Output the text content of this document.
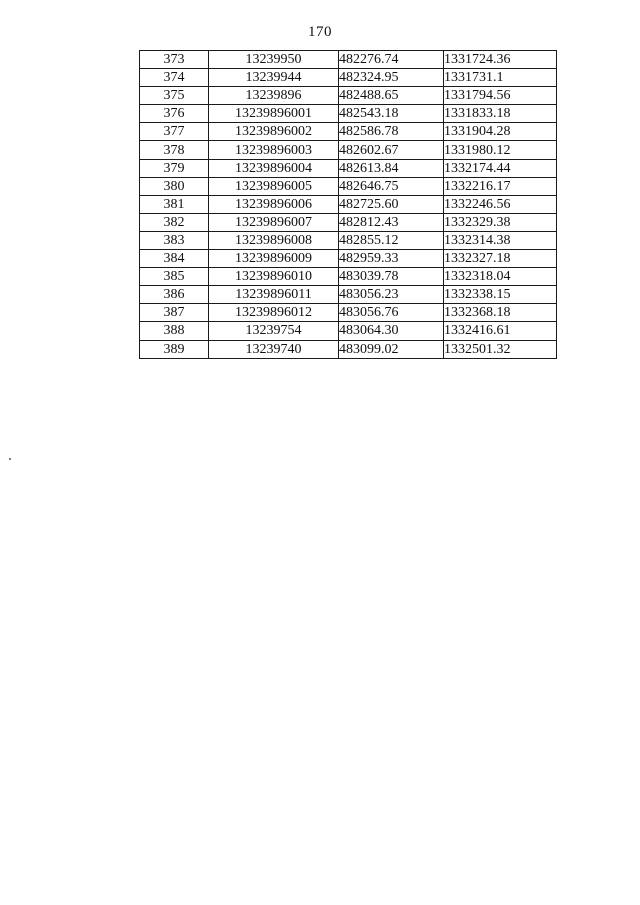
170
373	13239950	482276.74	1331724.36
374	13239944	482324.95	1331731.1
375	13239896	482488.65	1331794.56
376	13239896001	482543.18	1331833.18
377	13239896002	482586.78	1331904.28
378	13239896003	482602.67	1331980.12
379	13239896004	482613.84	1332174.44
380	13239896005	482646.75	1332216.17
381	13239896006	482725.60	1332246.56
382	13239896007	482812.43	1332329.38
383	13239896008	482855.12	1332314.38
384	13239896009	482959.33	1332327.18
385	13239896010	483039.78	1332318.04
386	13239896011	483056.23	1332338.15
387	13239896012	483056.76	1332368.18
388	13239754	483064.30	1332416.61
389	13239740	483099.02	1332501.32
